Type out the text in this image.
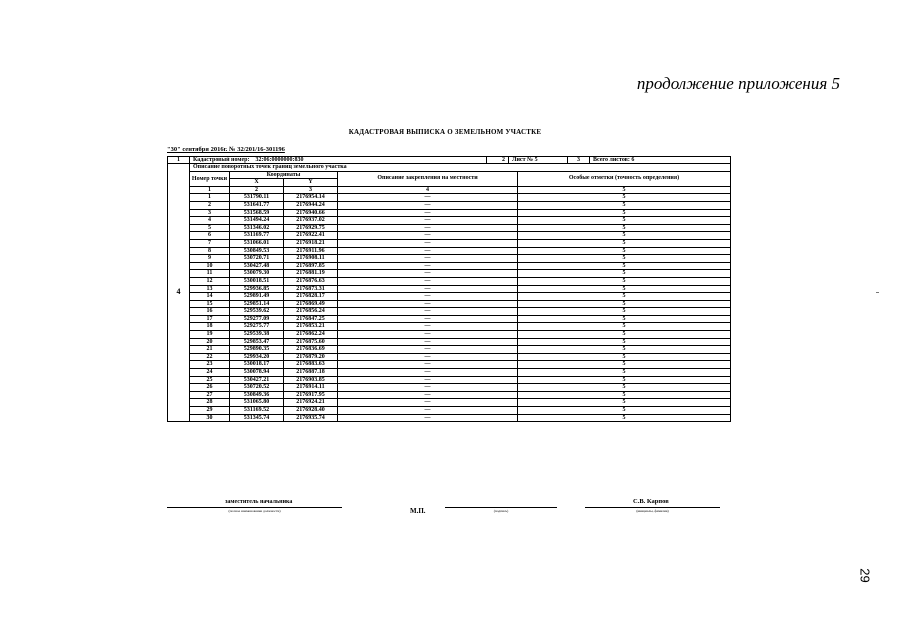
продолжение приложения 5
КАДАСТРОВАЯ ВЫПИСКА О ЗЕМЕЛЬНОМ УЧАСТКЕ
"30" сентября 2016г. № 32/201/16-301196
1	Кадастровый номер:	32:06:0000000:830	2	Лист № 5	3	Всего листов: 6
4	Описание поворотных точек границ земельного участка				
	Номер точки	Координаты		Описание закрепления на местности	Особые отметки (точность определения)
		X	Y		
	1	2	3	4	5
	1	531790.11	2176954.14	—	5
	2	531641.77	2176944.24	—	5
	3	531568.59	2176940.66	—	5
	4	531494.24	2176937.02	—	5
	5	531346.02	2176929.75	—	5
	6	531169.77	2176922.41	—	5
	7	531066.01	2176918.21	—	5
	8	530849.53	2176911.96	—	5
	9	530720.71	2176908.11	—	5
	10	530427.48	2176897.85	—	5
	11	530079.30	2176881.19	—	5
	12	530018.51	2176876.63	—	5
	13	529936.85	2176873.31	—	5
	14	529891.49	2176828.17	—	5
	15	529851.14	2176869.49	—	5
	16	529539.62	2176856.24	—	5
	17	529277.09	2176847.25	—	5
	18	529275.77	2176853.21	—	5
	19	529539.38	2176862.24	—	5
	20	529853.47	2176875.60	—	5
	21	529890.35	2176836.69	—	5
	22	529934.20	2176879.20	—	5
	23	530018.17	2176883.63	—	5
	24	530078.94	2176887.18	—	5
	25	530427.21	2176903.85	—	5
	26	530720.52	2176914.11	—	5
	27	530849.36	2176917.95	—	5
	28	531065.80	2176924.21	—	5
	29	531169.52	2176928.40	—	5
	30	531345.74	2176935.74	—	5
заместитель начальника
(полное наименование должности)	М.П.	(подпись)
С.В. Карпов
(инициалы, фамилия)
29
